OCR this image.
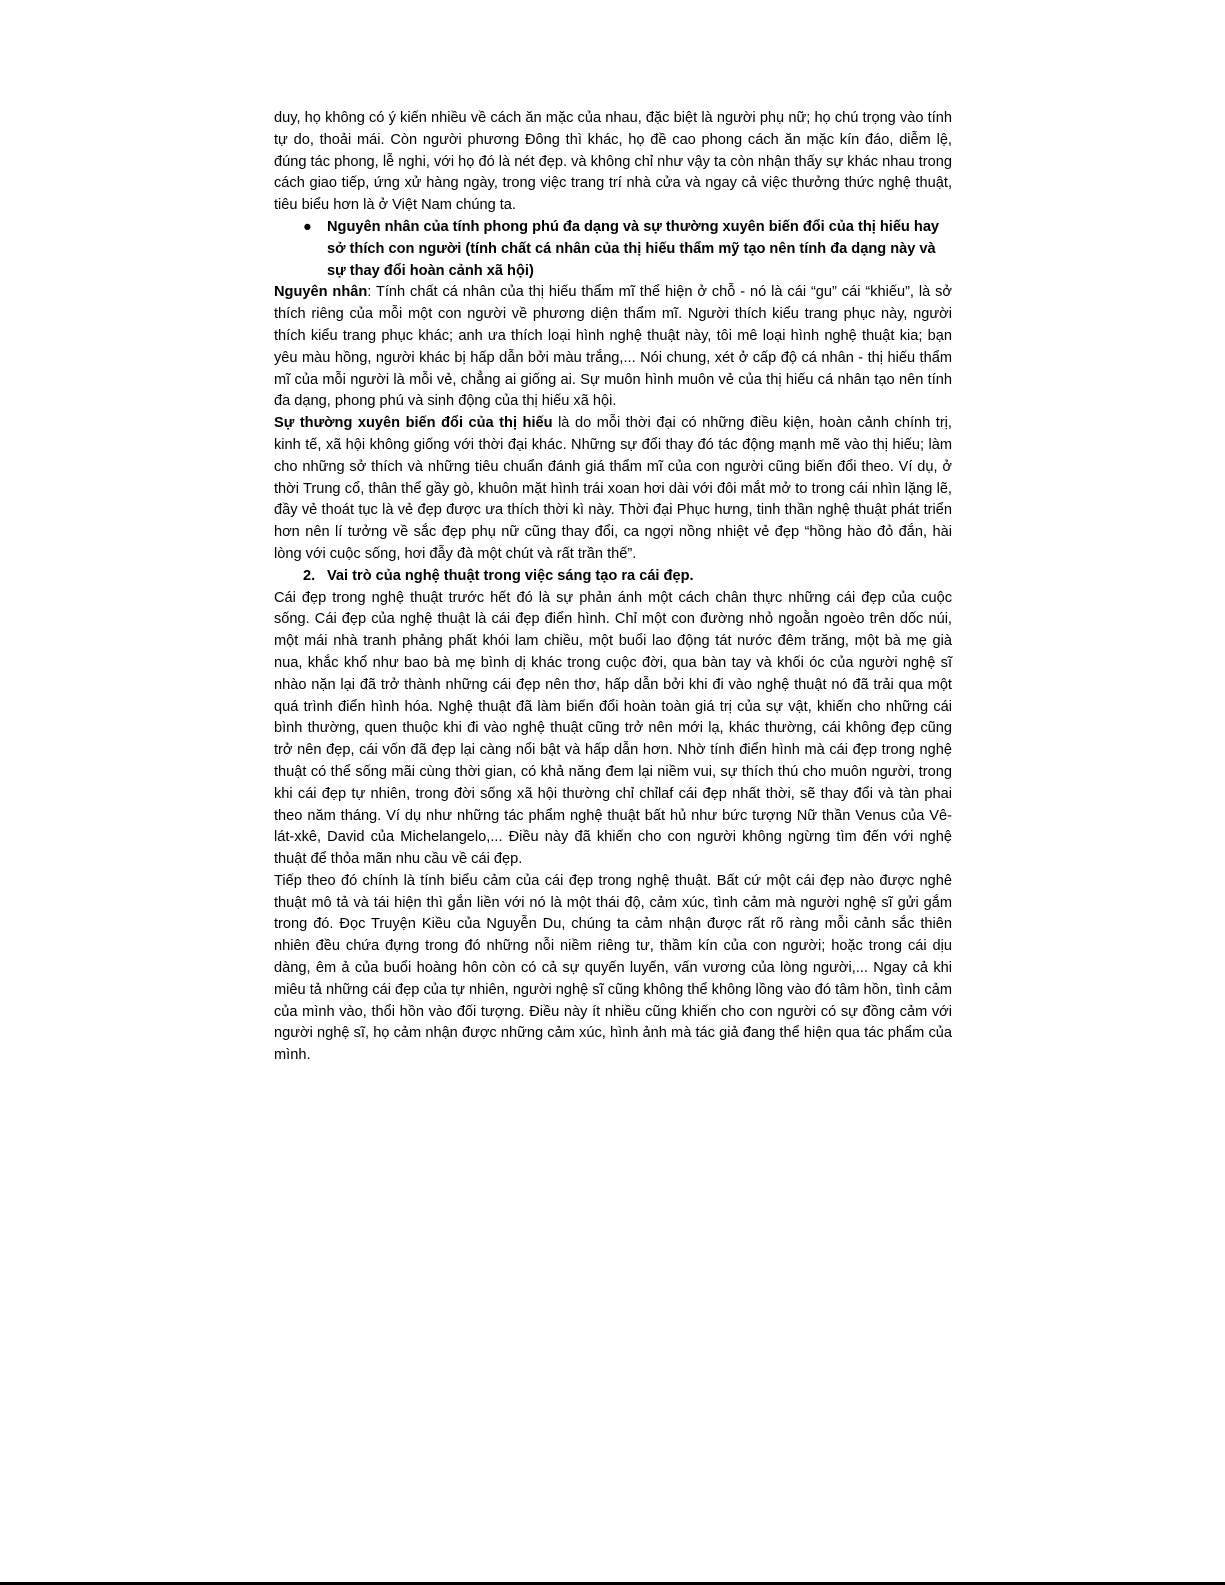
duy, họ không có ý kiến nhiều về cách ăn mặc của nhau, đặc biệt là người phụ nữ; họ chú trọng vào tính tự do, thoải mái. Còn người phương Đông thì khác, họ đề cao phong cách ăn mặc kín đáo, diễm lệ, đúng tác phong, lễ nghi, với họ đó là nét đẹp. và không chỉ như vậy ta còn nhận thấy sự khác nhau trong cách giao tiếp, ứng xử hàng ngày, trong việc trang trí nhà cửa và ngay cả việc thưởng thức nghệ thuật, tiêu biểu hơn là ở Việt Nam chúng ta.

● Nguyên nhân của tính phong phú đa dạng và sự thường xuyên biến đổi của thị hiếu hay sở thích con người (tính chất cá nhân của thị hiếu thẩm mỹ tạo nên tính đa dạng này và sự thay đổi hoàn cảnh xã hội)

Nguyên nhân: Tính chất cá nhân của thị hiếu thẩm mĩ thể hiện ở chỗ - nó là cái “gu” cái “khiếu”, là sở thích riêng của mỗi một con người về phương diện thẩm mĩ. Người thích kiểu trang phục này, người thích kiểu trang phục khác; anh ưa thích loại hình nghệ thuật này, tôi mê loại hình nghệ thuật kia; bạn yêu màu hồng, người khác bị hấp dẫn bởi màu trắng,... Nói chung, xét ở cấp độ cá nhân - thị hiếu thẩm mĩ của mỗi người là mỗi vẻ, chẳng ai giống ai. Sự muôn hình muôn vẻ của thị hiếu cá nhân tạo nên tính đa dạng, phong phú và sinh động của thị hiếu xã hội.

Sự thường xuyên biến đổi của thị hiếu là do mỗi thời đại có những điều kiện, hoàn cảnh chính trị, kinh tế, xã hội không giống với thời đại khác. Những sự đổi thay đó tác động mạnh mẽ vào thị hiếu; làm cho những sở thích và những tiêu chuẩn đánh giá thẩm mĩ của con người cũng biến đổi theo. Ví dụ, ở thời Trung cổ, thân thể gầy gò, khuôn mặt hình trái xoan hơi dài với đôi mắt mở to trong cái nhìn lặng lẽ, đầy vẻ thoát tục là vẻ đẹp được ưa thích thời kì này. Thời đại Phục hưng, tinh thần nghệ thuật phát triển hơn nên lí tưởng về sắc đẹp phụ nữ cũng thay đổi, ca ngợi nồng nhiệt vẻ đẹp “hồng hào đỏ đắn, hài lòng với cuộc sống, hơi đẫy đà một chút và rất trần thế”.

2. Vai trò của nghệ thuật trong việc sáng tạo ra cái đẹp.

Cái đẹp trong nghệ thuật trước hết đó là sự phản ánh một cách chân thực những cái đẹp của cuộc sống. Cái đẹp của nghệ thuật là cái đẹp điển hình. Chỉ một con đường nhỏ ngoằn ngoèo trên dốc núi, một mái nhà tranh phảng phất khói lam chiều, một buổi lao động tát nước đêm trăng, một bà mẹ già nua, khắc khổ như bao bà mẹ bình dị khác trong cuộc đời, qua bàn tay và khối óc của người nghệ sĩ nhào nặn lại đã trở thành những cái đẹp nên thơ, hấp dẫn bởi khi đi vào nghệ thuật nó đã trải qua một quá trình điển hình hóa. Nghệ thuật đã làm biến đổi hoàn toàn giá trị của sự vật, khiến cho những cái bình thường, quen thuộc khi đi vào nghệ thuật cũng trở nên mới lạ, khác thường, cái không đẹp cũng trở nên đẹp, cái vốn đã đẹp lại càng nổi bật và hấp dẫn hơn. Nhờ tính điển hình mà cái đẹp trong nghệ thuật có thể sống mãi cùng thời gian, có khả năng đem lại niềm vui, sự thích thú cho muôn người, trong khi cái đẹp tự nhiên, trong đời sống xã hội thường chỉ chỉlaf cái đẹp nhất thời, sẽ thay đổi và tàn phai theo năm tháng. Ví dụ như những tác phẩm nghệ thuật bất hủ như bức tượng Nữ thần Venus của Vê-lát-xkê, David của Michelangelo,... Điều này đã khiến cho con người không ngừng tìm đến với nghệ thuật để thỏa mãn nhu cầu về cái đẹp.

Tiếp theo đó chính là tính biểu cảm của cái đẹp trong nghệ thuật. Bất cứ một cái đẹp nào được nghê thuật mô tả và tái hiện thì gắn liền với nó là một thái độ, cảm xúc, tình cảm mà người nghệ sĩ gửi gắm trong đó. Đọc Truyện Kiều của Nguyễn Du, chúng ta cảm nhận được rất rõ ràng mỗi cảnh sắc thiên nhiên đều chứa đựng trong đó những nỗi niềm riêng tư, thầm kín của con người; hoặc trong cái dịu dàng, êm ả của buổi hoàng hôn còn có cả sự quyến luyến, vấn vương của lòng người,... Ngay cả khi miêu tả những cái đẹp của tự nhiên, người nghệ sĩ cũng không thể không lồng vào đó tâm hồn, tình cảm của mình vào, thổi hồn vào đối tượng. Điều này ít nhiều cũng khiến cho con người có sự đồng cảm với người nghệ sĩ, họ cảm nhận được những cảm xúc, hình ảnh mà tác giả đang thể hiện qua tác phẩm của mình.
